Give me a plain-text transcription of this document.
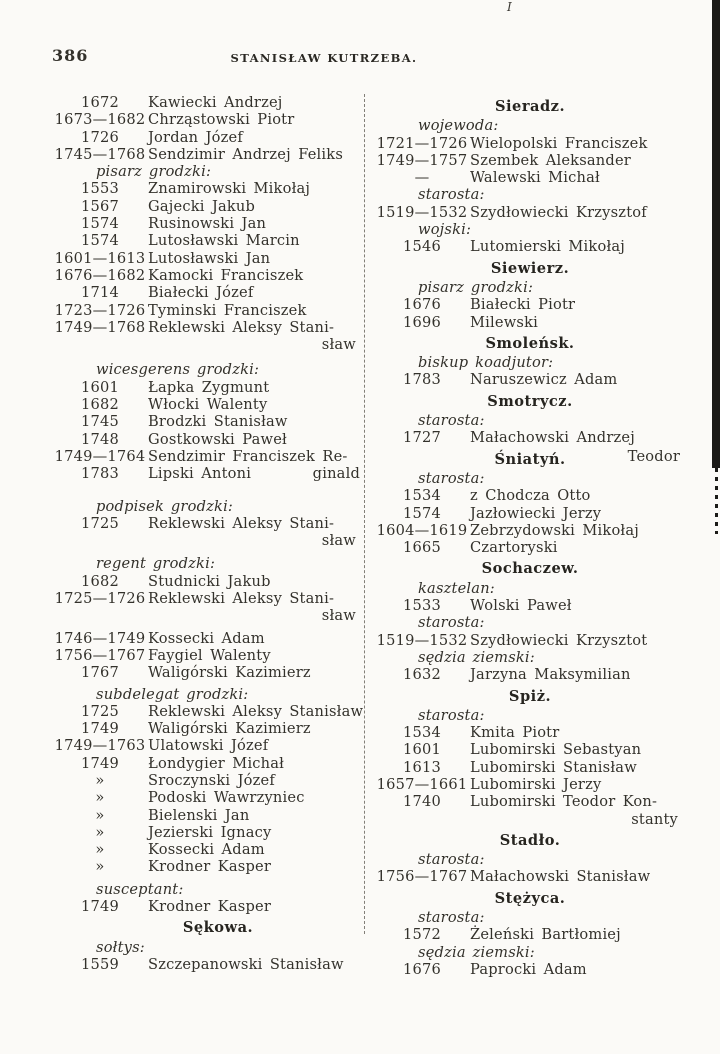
386	STANISŁAW KUTRZEBA.
I
1672	Kawiecki Andrzej
1673—1682 Chrząstowski Piotr
1726	Jordan Józef
1745—1768 Sendzimir Andrzej Feliks
pisarz grodzki:
1553	Znamirowski Mikołaj
1567	Gajecki Jakub
1574	Rusinowski Jan
1574	Lutosławski Marcin
1601—1613 Lutosławski Jan
1676—1682 Kamocki Franciszek
1714	Białecki Józef
1723—1726 Tyminski Franciszek
1749—1768 Reklewski Aleksy Stani-
sław
wicesgerens grodzki:
1601	Łapka Zygmunt
1682	Włocki Walenty
1745	Brodzki Stanisław
1748	Gostkowski Paweł
1749—1764 Sendzimir Franciszek Re-
1783	Lipski Antoni	ginald
podpisek grodzki:
1725	Reklewski Aleksy Stani-
sław
regent grodzki:
1682	Studnicki Jakub
1725—1726 Reklewski Aleksy Stani-
sław
1746—1749 Kossecki Adam
1756—1767 Faygiel Walenty
1767	Waligórski Kazimierz
subdelegat grodzki:
1725	Reklewski Aleksy Stanisław
1749	Waligórski Kazimierz
1749—1763 Ulatowski Józef
1749	Łondygier Michał
»	Sroczynski Józef
»	Podoski Wawrzyniec
»	Bielenski Jan
»	Jezierski Ignacy
»	Kossecki Adam
»	Krodner Kasper
susceptant:
1749	Krodner Kasper
Sękowa.
sołtys:
1559	Szczepanowski Stanisław
Sieradz.
wojewoda:
1721—1726 Wielopolski Franciszek
1749—1757 Szembek Aleksander
—	Walewski Michał
starosta:
1519—1532 Szydłowiecki Krzysztof
wojski:
1546	Lutomierski Mikołaj
Siewierz.
pisarz grodzki:
1676	Białecki Piotr
1696	Milewski
Smoleńsk.
biskup koadjutor:
1783	Naruszewicz Adam
Smotrycz.
starosta:
1727	Małachowski Andrzej
Śniatyń.	Teodor
starosta:
1534	z Chodcza Otto
1574	Jazłowiecki Jerzy
1604—1619 Zebrzydowski Mikołaj
1665	Czartoryski
Sochaczew.
kasztelan:
1533	Wolski Paweł
starosta:
1519—1532 Szydłowiecki Krzysztot
sędzia ziemski:
1632	Jarzyna Maksymilian
Spiż.
starosta:
1534	Kmita Piotr
1601	Lubomirski Sebastyan
1613	Lubomirski Stanisław
1657—1661 Lubomirski Jerzy
1740	Lubomirski Teodor Kon-
stanty
Stadło.
starosta:
1756—1767 Małachowski Stanisław
Stężyca.
starosta:
1572	Żeleński Bartłomiej
sędzia ziemski:
1676	Paprocki Adam
